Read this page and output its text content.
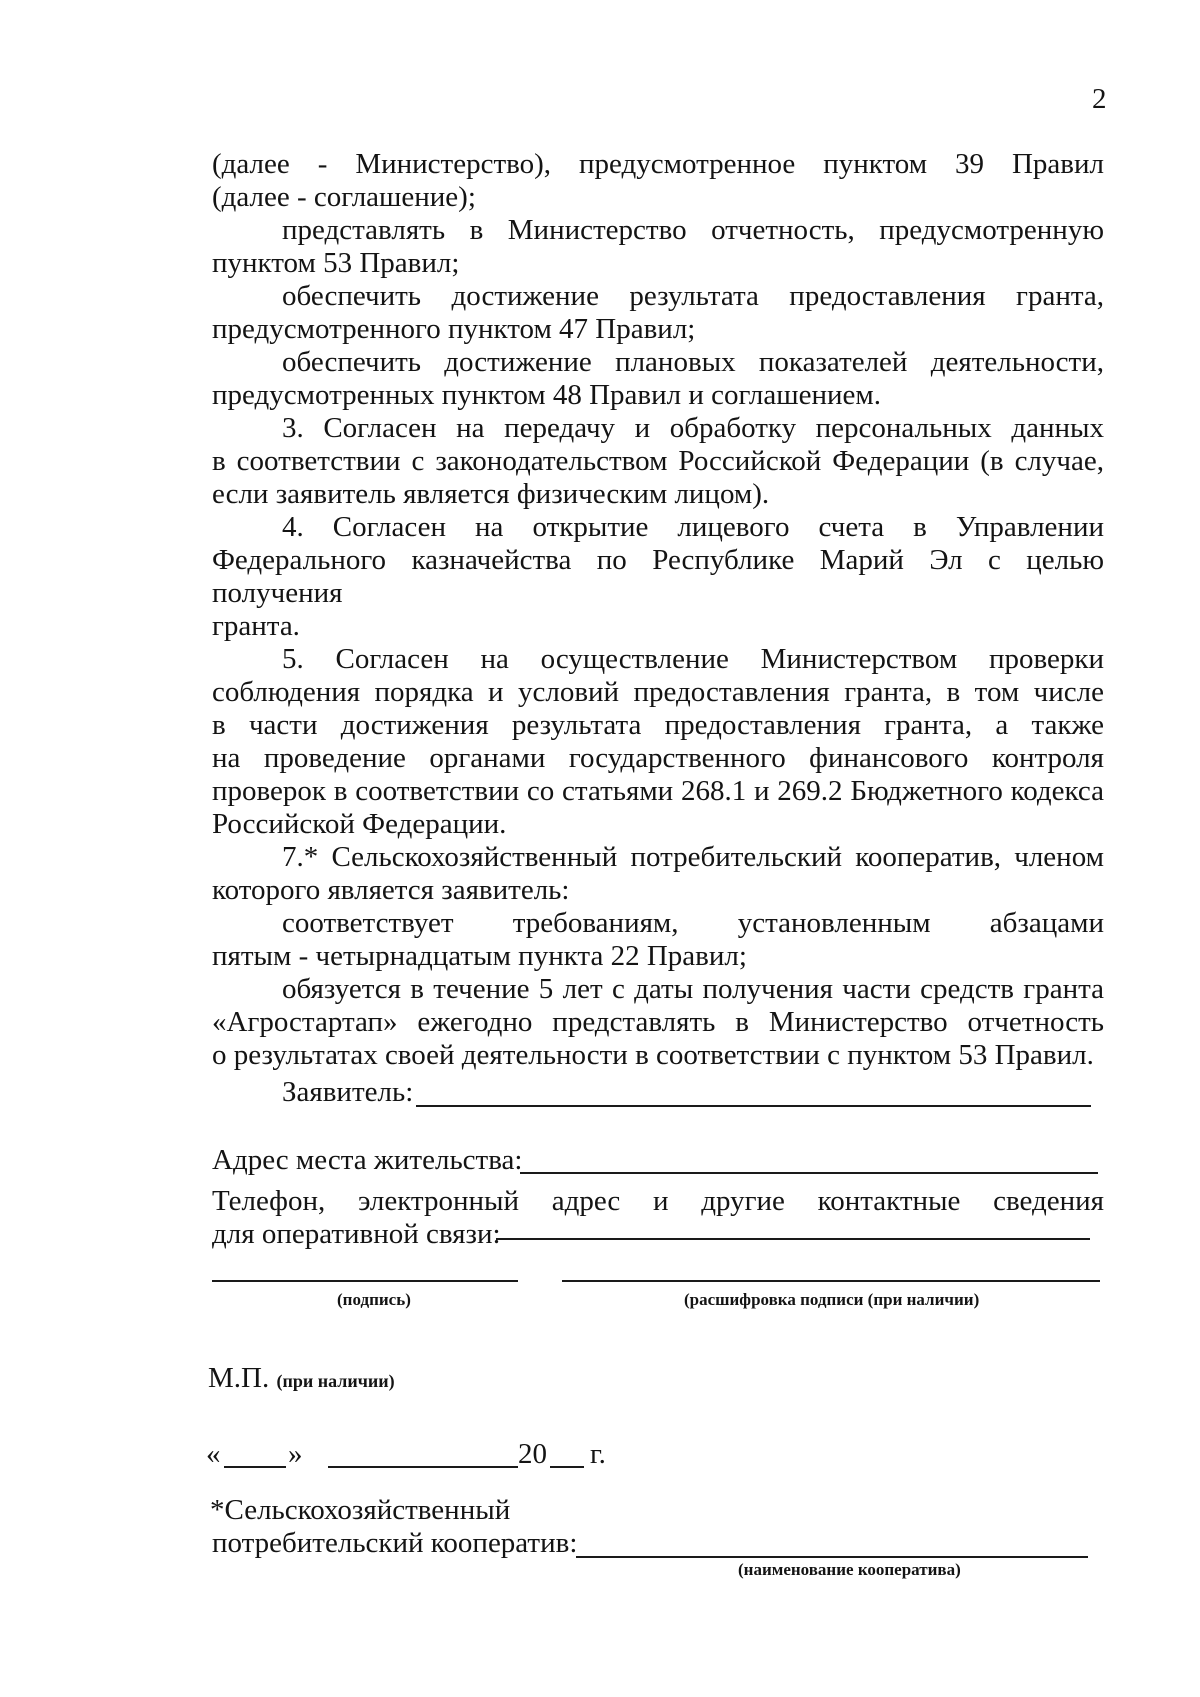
2

(далее - Министерство), предусмотренное пунктом 39 Правил

(далее - соглашение);

представлять в Министерство отчетность, предусмотренную

пунктом 53 Правил;

обеспечить достижение результата предоставления гранта,

предусмотренного пунктом 47 Правил;

обеспечить достижение плановых показателей деятельности,

предусмотренных пунктом 48 Правил и соглашением.

3. Согласен на передачу и обработку персональных данных

в соответствии с законодательством Российской Федерации (в случае,

если заявитель является физическим лицом).

4. Согласен на открытие лицевого счета в Управлении

Федерального казначейства по Республике Марий Эл с целью получения

гранта.

5. Согласен на осуществление Министерством проверки

соблюдения порядка и условий предоставления гранта, в том числе

в части достижения результата предоставления гранта, а также

на проведение органами государственного финансового контроля

проверок в соответствии со статьями 268.1 и 269.2 Бюджетного кодекса

Российской Федерации.

7.* Сельскохозяйственный потребительский кооператив, членом

которого является заявитель:

соответствует требованиям, установленным абзацами

пятым - четырнадцатым пункта 22 Правил;

обязуется в течение 5 лет с даты получения части средств гранта

«Агростартап» ежегодно представлять в Министерство отчетность

о результатах своей деятельности в соответствии с пунктом 53 Правил.

Заявитель:
Адрес места жительства:
Телефон, электронный адрес и другие контактные сведения
для оперативной связи:
(подпись)	(расшифровка подписи (при наличии)
М.П. (при наличии)
« »	20 г.
*Сельскохозяйственный
потребительский кооператив:
(наименование кооператива)
